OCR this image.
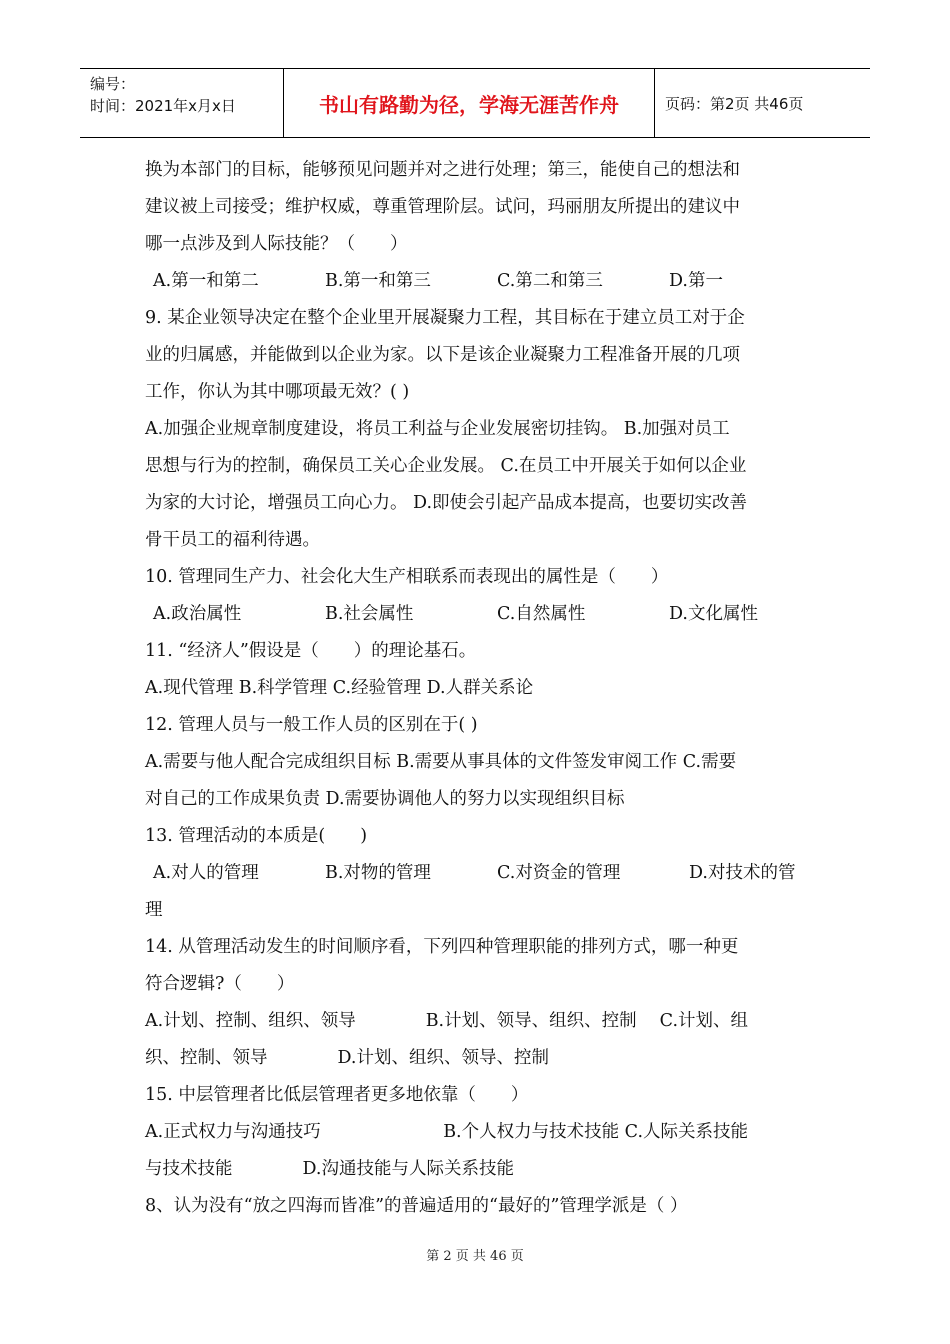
编号：
时间：2021年x月x日	书山有路勤为径，学海无涯苦作舟	页码：第2页 共46页
换为本部门的目标，能够预见问题并对之进行处理；第三，能使自己的想法和
建议被上司接受；维护权威，尊重管理阶层。试问，玛丽朋友所提出的建议中
哪一点涉及到人际技能？（　　）
A.第一和第二	B.第一和第三	C.第二和第三	D.第一
9. 某企业领导决定在整个企业里开展凝聚力工程，其目标在于建立员工对于企
业的归属感，并能做到以企业为家。以下是该企业凝聚力工程准备开展的几项
工作，你认为其中哪项最无效？( )
A.加强企业规章制度建设，将员工利益与企业发展密切挂钩。 B.加强对员工
思想与行为的控制，确保员工关心企业发展。 C.在员工中开展关于如何以企业
为家的大讨论，增强员工向心力。 D.即使会引起产品成本提高，也要切实改善
骨干员工的福利待遇。
10. 管理同生产力、社会化大生产相联系而表现出的属性是（　　）
A.政治属性	B.社会属性	C.自然属性	D.文化属性
11. “经济人”假设是（　　）的理论基石。
A.现代管理 B.科学管理 C.经验管理 D.人群关系论
12. 管理人员与一般工作人员的区别在于( )
A.需要与他人配合完成组织目标 B.需要从事具体的文件签发审阅工作 C.需要
对自己的工作成果负责 D.需要协调他人的努力以实现组织目标
13. 管理活动的本质是(　　)
A.对人的管理	B.对物的管理	C.对资金的管理	D.对技术的管
理
14. 从管理活动发生的时间顺序看，下列四种管理职能的排列方式，哪一种更
符合逻辑?（　　）
A.计划、控制、组织、领导　　　　B.计划、领导、组织、控制　 C.计划、组
织、控制、领导　　　　D.计划、组织、领导、控制
15. 中层管理者比低层管理者更多地依靠（　　）
A.正式权力与沟通技巧　　　　　　　B.个人权力与技术技能 C.人际关系技能
与技术技能　　　　D.沟通技能与人际关系技能
8、认为没有“放之四海而皆准”的普遍适用的“最好的”管理学派是（ ）
第 2 页 共 46 页
